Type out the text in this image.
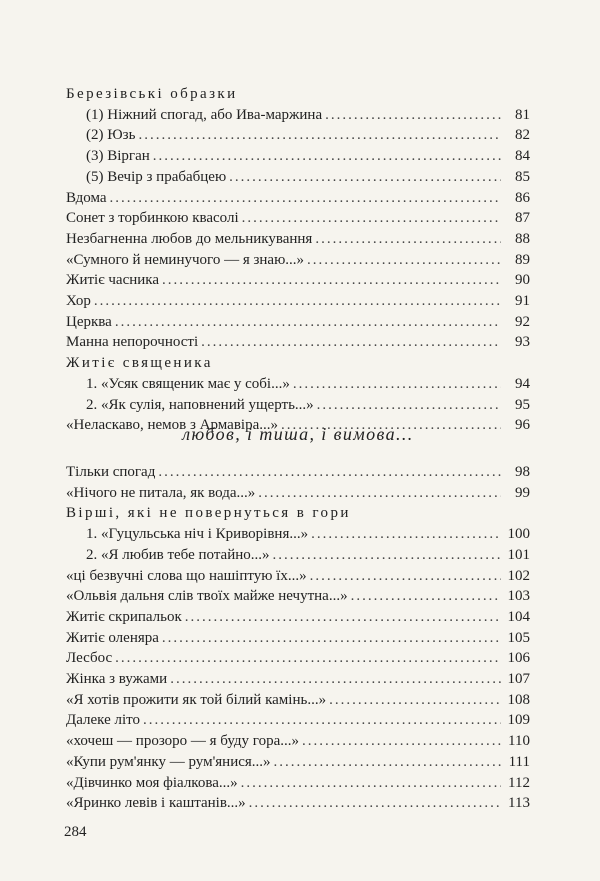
Березівські образки
(1) Ніжний спогад, або Ива-маржина .....	81
(2) Юзь .....	82
(3) Вірган .....	84
(5) Вечір з прабабцею .....	85
Вдома .....	86
Сонет з торбинкою квасолі .....	87
Незбагненна любов до мельникування .....	88
«Сумного й неминучого — я знаю...» .....	89
Житіє часника .....	90
Хор .....	91
Церква .....	92
Манна непорочності .....	93
Житіє священика
1. «Усяк священик має у собі...» .....	94
2. «Як сулія, наповнений ущерть...» .....	95
«Неласкаво, немов з Армавіра...» .....	96
Тільки спогад .....	98
«Нічого не питала, як вода...» .....	99
Вірші, які не повернуться в гори
1. «Гуцульська ніч і Криворівня...» .....	100
2. «Я любив тебе потайно...» .....	101
«ці безвучні слова що нашіптую їх...» .....	102
«Ольвія дальня слів твоїх майже нечутна...» .....	103
Житіє скрипальок .....	104
Житіє оленяра .....	105
Лесбос .....	106
Жінка з вужами .....	107
«Я хотів прожити як той білий камінь...» .....	108
Далеке літо .....	109
«хочеш — прозоро — я буду гора...» .....	110
«Купи рум'янку — рум'янися...» .....	111
«Дівчинко моя фіалкова...» .....	112
«Яринко левів і каштанів...» .....	113
любов, і тиша, і вимова...
284
